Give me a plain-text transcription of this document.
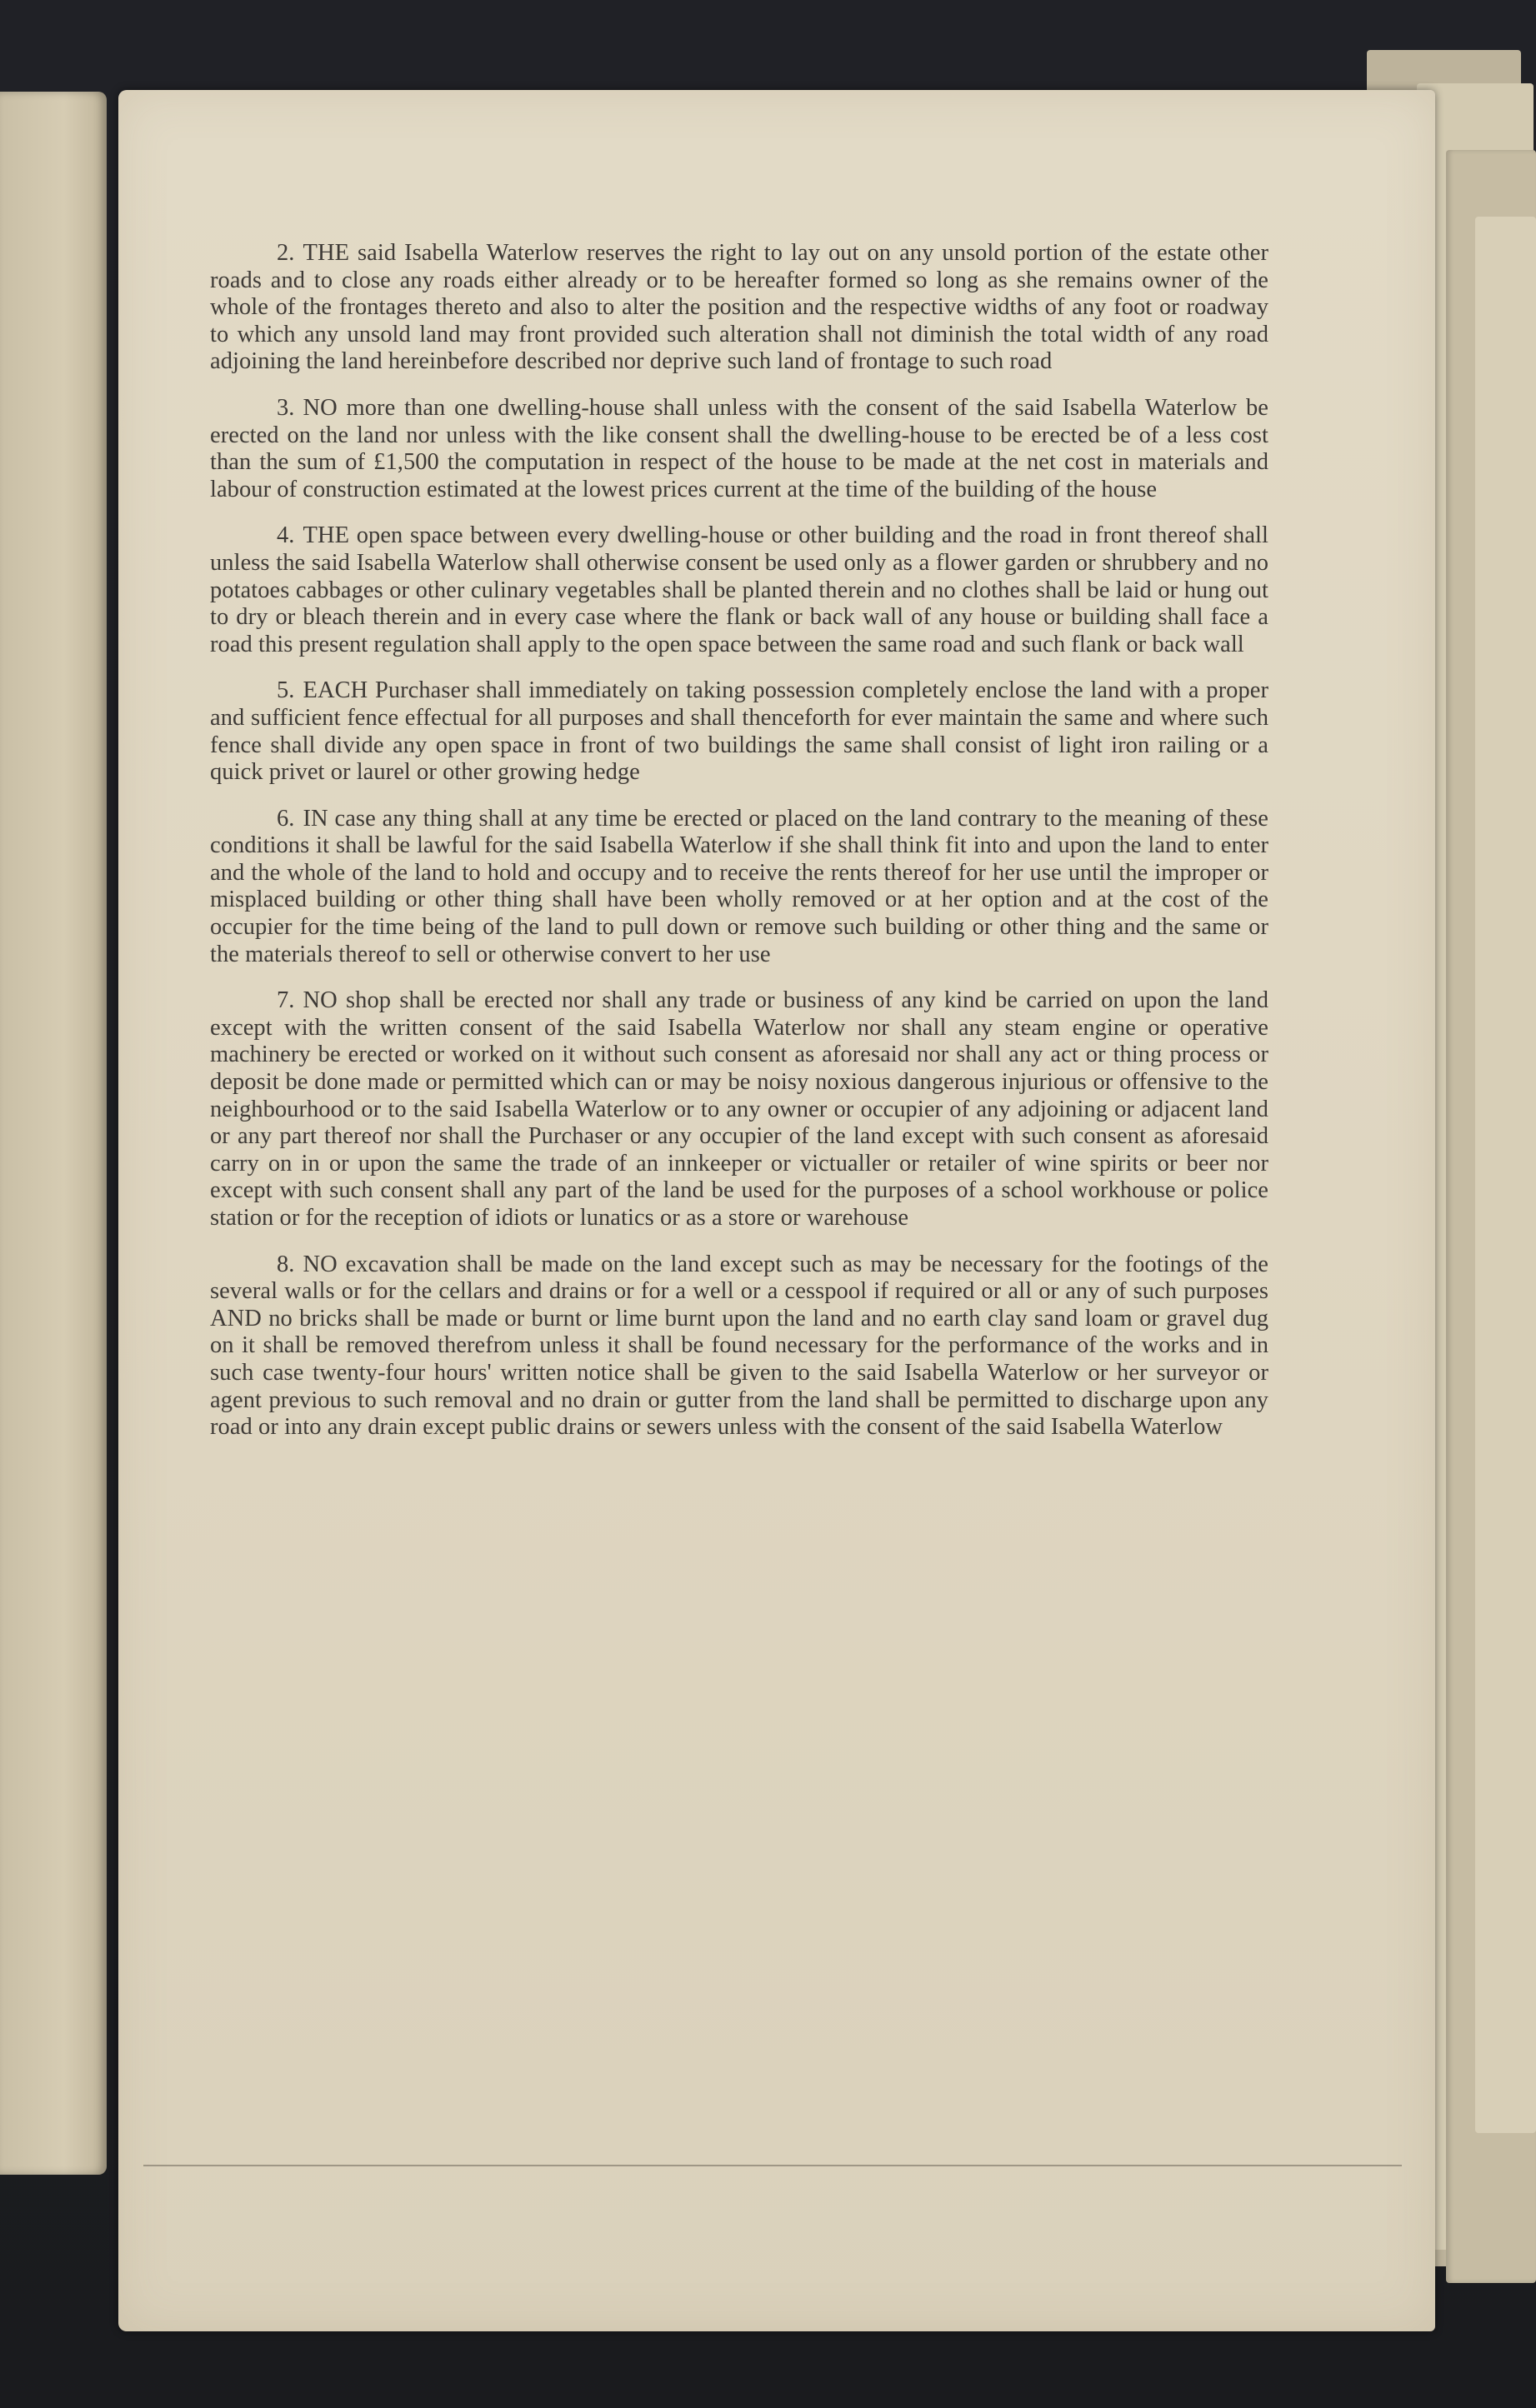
2. THE said Isabella Waterlow reserves the right to lay out on any unsold portion of the estate other roads and to close any roads either already or to be hereafter formed so long as she remains owner of the whole of the frontages thereto and also to alter the position and the respective widths of any foot or roadway to which any unsold land may front provided such alteration shall not diminish the total width of any road adjoining the land hereinbefore described nor deprive such land of frontage to such road

3. NO more than one dwelling-house shall unless with the consent of the said Isabella Waterlow be erected on the land nor unless with the like consent shall the dwelling-house to be erected be of a less cost than the sum of £1,500 the computation in respect of the house to be made at the net cost in materials and labour of construction estimated at the lowest prices current at the time of the building of the house

4. THE open space between every dwelling-house or other building and the road in front thereof shall unless the said Isabella Waterlow shall otherwise consent be used only as a flower garden or shrubbery and no potatoes cabbages or other culinary vegetables shall be planted therein and no clothes shall be laid or hung out to dry or bleach therein and in every case where the flank or back wall of any house or building shall face a road this present regulation shall apply to the open space between the same road and such flank or back wall

5. EACH Purchaser shall immediately on taking possession completely enclose the land with a proper and sufficient fence effectual for all purposes and shall thenceforth for ever maintain the same and where such fence shall divide any open space in front of two buildings the same shall consist of light iron railing or a quick privet or laurel or other growing hedge

6. IN case any thing shall at any time be erected or placed on the land contrary to the meaning of these conditions it shall be lawful for the said Isabella Waterlow if she shall think fit into and upon the land to enter and the whole of the land to hold and occupy and to receive the rents thereof for her use until the improper or misplaced building or other thing shall have been wholly removed or at her option and at the cost of the occupier for the time being of the land to pull down or remove such building or other thing and the same or the materials thereof to sell or otherwise convert to her use

7. NO shop shall be erected nor shall any trade or business of any kind be carried on upon the land except with the written consent of the said Isabella Waterlow nor shall any steam engine or operative machinery be erected or worked on it without such consent as aforesaid nor shall any act or thing process or deposit be done made or permitted which can or may be noisy noxious dangerous injurious or offensive to the neighbourhood or to the said Isabella Waterlow or to any owner or occupier of any adjoining or adjacent land or any part thereof nor shall the Purchaser or any occupier of the land except with such consent as aforesaid carry on in or upon the same the trade of an innkeeper or victualler or retailer of wine spirits or beer nor except with such consent shall any part of the land be used for the purposes of a school workhouse or police station or for the reception of idiots or lunatics or as a store or warehouse

8. NO excavation shall be made on the land except such as may be necessary for the footings of the several walls or for the cellars and drains or for a well or a cesspool if required or all or any of such purposes AND no bricks shall be made or burnt or lime burnt upon the land and no earth clay sand loam or gravel dug on it shall be removed therefrom unless it shall be found necessary for the performance of the works and in such case twenty-four hours' written notice shall be given to the said Isabella Waterlow or her surveyor or agent previous to such removal and no drain or gutter from the land shall be permitted to discharge upon any road or into any drain except public drains or sewers unless with the consent of the said Isabella Waterlow
